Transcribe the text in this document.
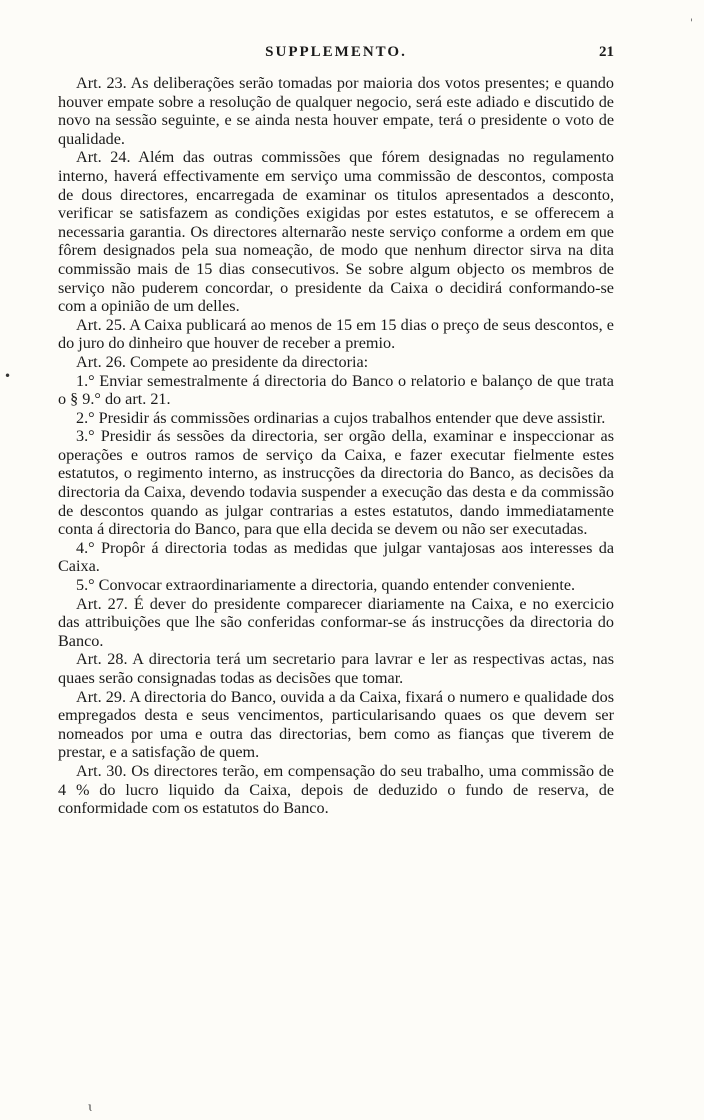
'
•
ɩ
SUPPLEMENTO.	21

Art. 23. As deliberações serão tomadas por maioria dos votos presentes; e quando houver empate sobre a resolução de qualquer negocio, será este adiado e discutido de novo na sessão seguinte, e se ainda nesta houver empate, terá o presidente o voto de qualidade.

Art. 24. Além das outras commissões que fórem designadas no regulamento interno, haverá effectivamente em serviço uma commissão de descontos, composta de dous directores, encarregada de examinar os titulos apresentados a desconto, verificar se satisfazem as condições exigidas por estes estatutos, e se offerecem a necessaria garantia. Os directores alternarão neste serviço conforme a ordem em que fôrem designados pela sua nomeação, de modo que nenhum director sirva na dita commissão mais de 15 dias consecutivos. Se sobre algum objecto os membros de serviço não puderem concordar, o presidente da Caixa o decidirá conformando-se com a opinião de um delles.

Art. 25. A Caixa publicará ao menos de 15 em 15 dias o preço de seus descontos, e do juro do dinheiro que houver de receber a premio.

Art. 26. Compete ao presidente da directoria:

1.° Enviar semestralmente á directoria do Banco o relatorio e balanço de que trata o § 9.° do art. 21.

2.° Presidir ás commissões ordinarias a cujos trabalhos entender que deve assistir.

3.° Presidir ás sessões da directoria, ser orgão della, examinar e inspeccionar as operações e outros ramos de serviço da Caixa, e fazer executar fielmente estes estatutos, o regimento interno, as instrucções da directoria do Banco, as decisões da directoria da Caixa, devendo todavia suspender a execução das desta e da commissão de descontos quando as julgar contrarias a estes estatutos, dando immediatamente conta á directoria do Banco, para que ella decida se devem ou não ser executadas.

4.° Propôr á directoria todas as medidas que julgar vantajosas aos interesses da Caixa.

5.° Convocar extraordinariamente a directoria, quando entender conveniente.

Art. 27. É dever do presidente comparecer diariamente na Caixa, e no exercicio das attribuições que lhe são conferidas conformar-se ás instrucções da directoria do Banco.

Art. 28. A directoria terá um secretario para lavrar e ler as respectivas actas, nas quaes serão consignadas todas as decisões que tomar.

Art. 29. A directoria do Banco, ouvida a da Caixa, fixará o numero e qualidade dos empregados desta e seus vencimentos, particularisando quaes os que devem ser nomeados por uma e outra das directorias, bem como as fianças que tiverem de prestar, e a satisfação de quem.

Art. 30. Os directores terão, em compensação do seu trabalho, uma commissão de 4 % do lucro liquido da Caixa, depois de deduzido o fundo de reserva, de conformidade com os estatutos do Banco.
